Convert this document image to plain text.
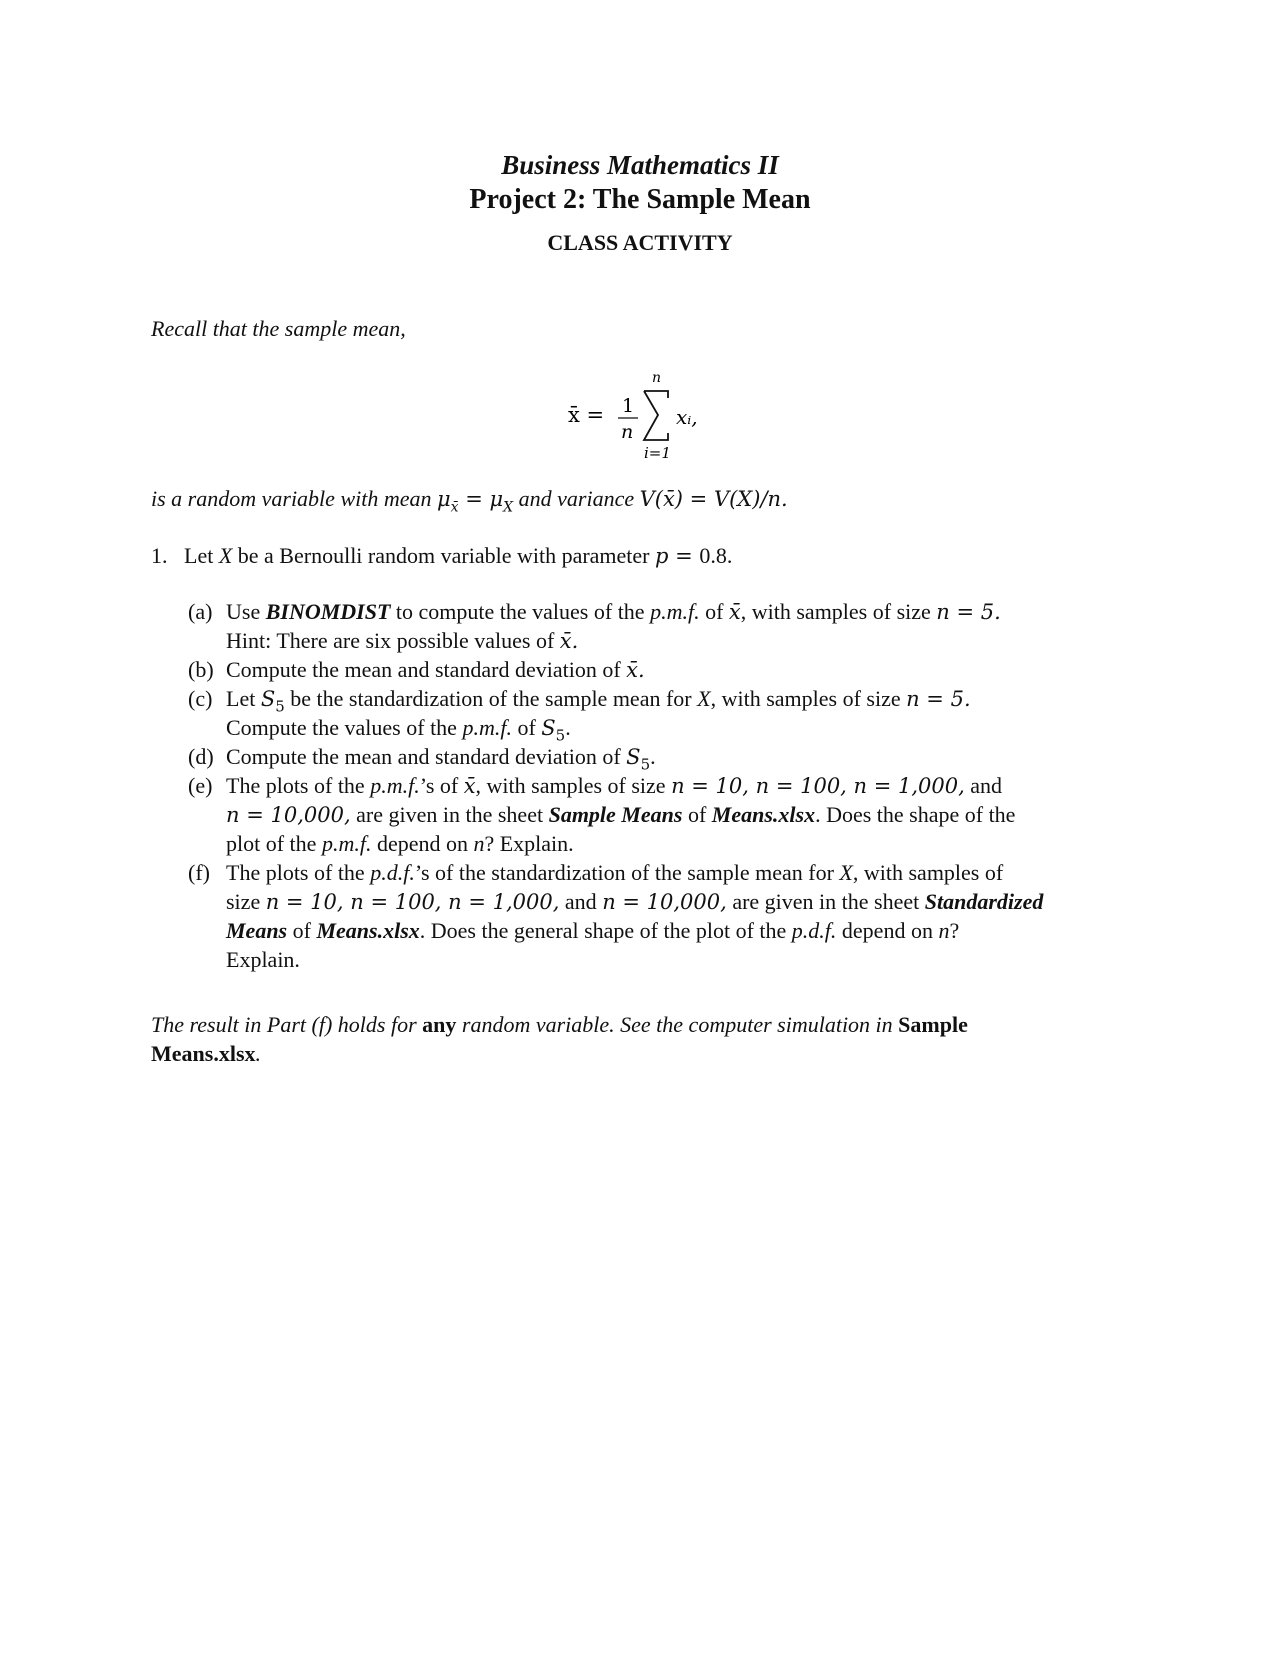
Business Mathematics II
Project 2: The Sample Mean
CLASS ACTIVITY
Recall that the sample mean,
x̄ = 1
n
n
i=1
xᵢ,
is a random variable with mean $\mu_{x̄} = \mu_X$ and variance V(x̄) = V(X)/n.
1. Let X be a Bernoulli random variable with parameter p = 0.8.
(a) Use BINOMDIST to compute the values of the p.m.f. of x̄, with samples of size n = 5.
Hint: There are six possible values of x̄.
(b) Compute the mean and standard deviation of x̄.
(c) Let $S_5$ be the standardization of the sample mean for X, with samples of size n = 5.
Compute the values of the p.m.f. of $S_5$.
(d) Compute the mean and standard deviation of $S_5$.
(e) The plots of the p.m.f.’s of x̄, with samples of size n = 10, n = 100, n = 1,000, and
n = 10,000, are given in the sheet Sample Means of Means.xlsx. Does the shape of the
plot of the p.m.f. depend on n? Explain.
(f) The plots of the p.d.f.’s of the standardization of the sample mean for X, with samples of
size n = 10, n = 100, n = 1,000, and n = 10,000, are given in the sheet Standardized
Means of Means.xlsx. Does the general shape of the plot of the p.d.f. depend on n?
Explain.
The result in Part (f) holds for any random variable. See the computer simulation in Sample
Means.xlsx.
